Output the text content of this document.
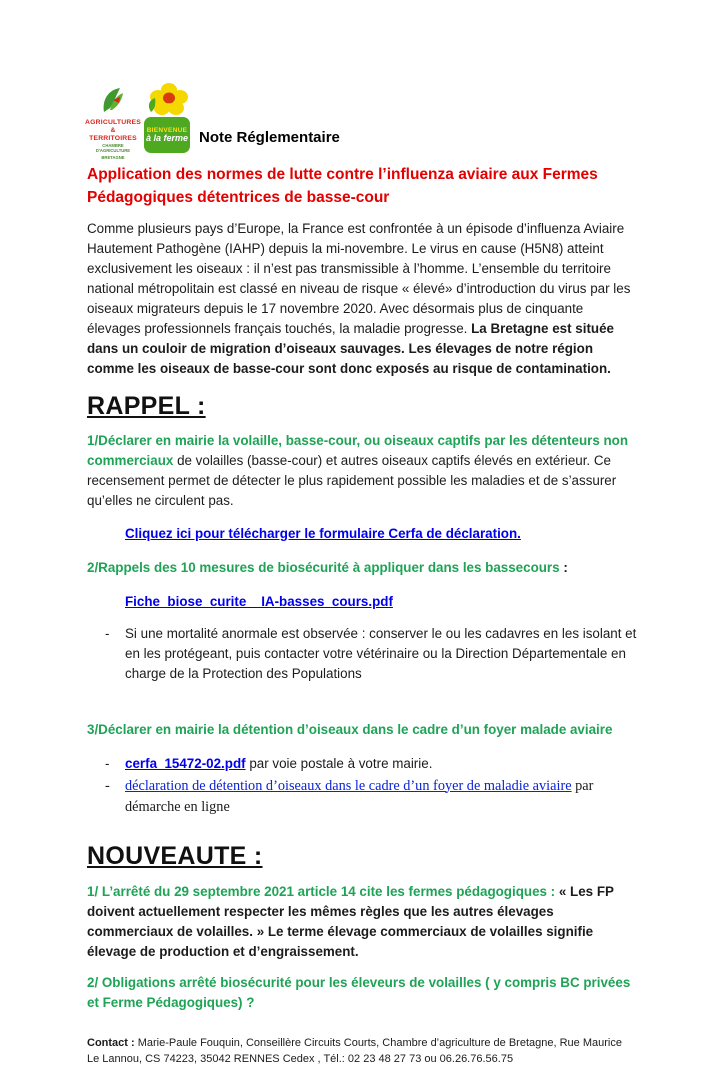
AGRICULTURES
& TERRITOIRES
CHAMBRE D'AGRICULTURE
BRETAGNE
BIENVENUE
à la ferme Note Réglementaire
Application des normes de lutte contre l’influenza aviaire aux Fermes Pédagogiques détentrices de basse-cour

Comme plusieurs pays d’Europe, la France est confrontée à un épisode d’influenza Aviaire Hautement Pathogène (IAHP) depuis la mi-novembre. Le virus en cause (H5N8) atteint exclusivement les oiseaux : il n’est pas transmissible à l’homme. L’ensemble du territoire national métropolitain est classé en niveau de risque « élevé» d’introduction du virus par les oiseaux migrateurs depuis le 17 novembre 2020. Avec désormais plus de cinquante élevages professionnels français touchés, la maladie progresse. La Bretagne est située dans un couloir de migration d’oiseaux sauvages. Les élevages de notre région comme les oiseaux de basse-cour sont donc exposés au risque de contamination.

RAPPEL :

1/Déclarer en mairie la volaille, basse-cour, ou oiseaux captifs par les détenteurs non commerciaux de volailles (basse-cour) et autres oiseaux captifs élevés en extérieur. Ce recensement permet de détecter le plus rapidement possible les maladies et de s’assurer qu’elles ne circulent pas.

Cliquez ici pour télécharger le formulaire Cerfa de déclaration.

2/Rappels des 10 mesures de biosécurité à appliquer dans les bassecours :

Fiche_biose_curite__IA-basses_cours.pdf
-	Si une mortalité anormale est observée : conserver le ou les cadavres en les isolant et en les protégeant, puis contacter votre vétérinaire ou la Direction Départementale en charge de la Protection des Populations

3/Déclarer en mairie la détention d’oiseaux dans le cadre d’un foyer malade aviaire

-	cerfa_15472-02.pdf par voie postale à votre mairie.
-	déclaration de détention d’oiseaux dans le cadre d’un foyer de maladie aviaire par démarche en ligne
NOUVEAUTE :

1/ L’arrêté du 29 septembre 2021 article 14 cite les fermes pédagogiques : « Les FP doivent actuellement respecter les mêmes règles que les autres élevages commerciaux de volailles. » Le terme élevage commerciaux de volailles signifie élevage de production et d’engraissement.

2/ Obligations arrêté biosécurité pour les éleveurs de volailles ( y compris BC privées et Ferme Pédagogiques) ?

Contact : Marie-Paule Fouquin, Conseillère Circuits Courts, Chambre d’agriculture de Bretagne, Rue Maurice Le Lannou, CS 74223, 35042 RENNES Cedex , Tél.: 02 23 48 27 73 ou 06.26.76.56.75
